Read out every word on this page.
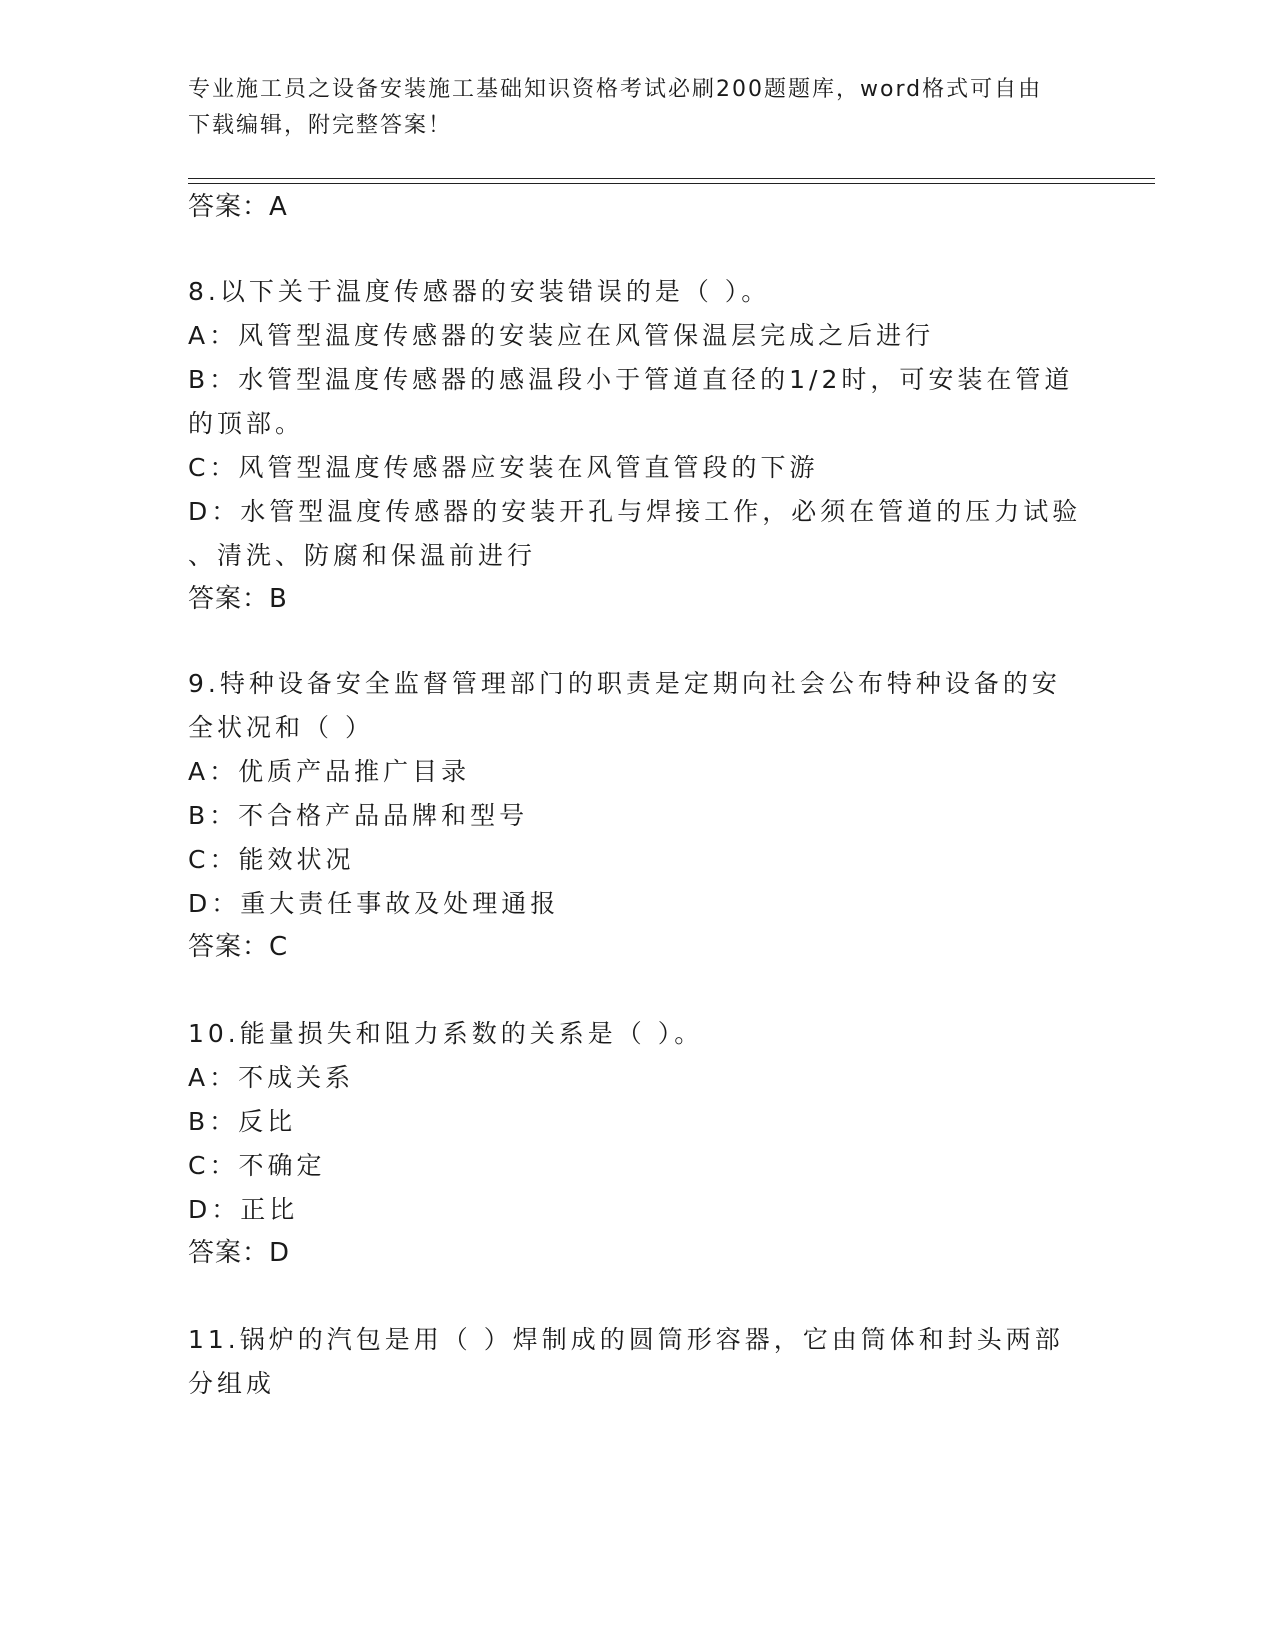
专业施工员之设备安装施工基础知识资格考试必刷200题题库，word格式可自由
下载编辑，附完整答案！
答案：A
8.以下关于温度传感器的安装错误的是（ ）。
A：风管型温度传感器的安装应在风管保温层完成之后进行
B：水管型温度传感器的感温段小于管道直径的1/2时，可安装在管道
的顶部。
C：风管型温度传感器应安装在风管直管段的下游
D：水管型温度传感器的安装开孔与焊接工作，必须在管道的压力试验
、清洗、防腐和保温前进行
答案：B
9.特种设备安全监督管理部门的职责是定期向社会公布特种设备的安
全状况和（ ）
A：优质产品推广目录
B：不合格产品品牌和型号
C：能效状况
D：重大责任事故及处理通报
答案：C
10.能量损失和阻力系数的关系是（ ）。
A：不成关系
B：反比
C：不确定
D：正比
答案：D
11.锅炉的汽包是用（ ）焊制成的圆筒形容器，它由筒体和封头两部
分组成
